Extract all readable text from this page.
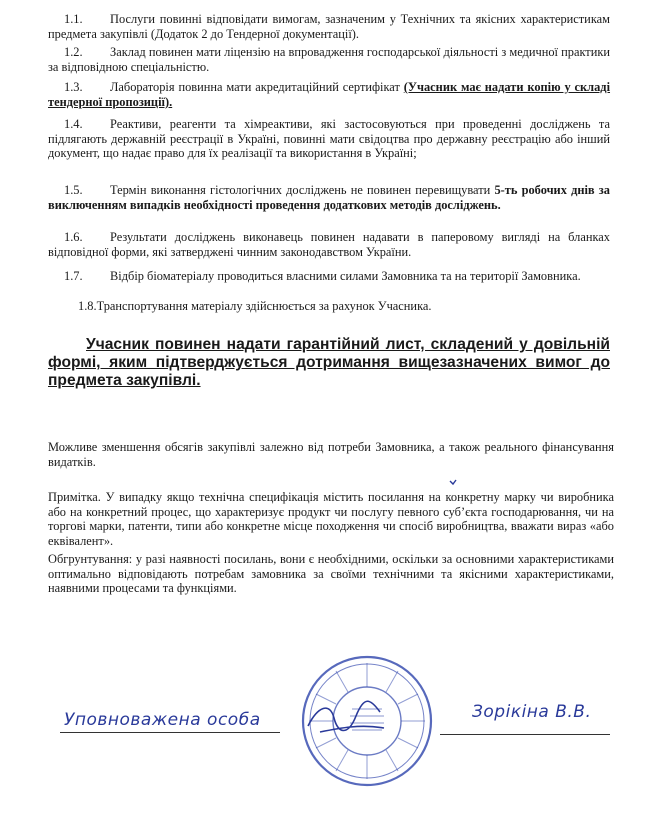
1.1. Послуги повинні відповідати вимогам, зазначеним у Технічних та якісних характеристикам предмета закупівлі (Додаток 2 до Тендерної документації).
1.2. Заклад повинен мати ліцензію на впровадження господарської діяльності з медичної практики за відповідною спеціальністю.
1.3. Лабораторія повинна мати акредитаційний сертифікат (Учасник має надати копію у складі тендерної пропозиції).
1.4. Реактиви, реагенти та хімреактиви, які застосовуються при проведенні досліджень та підлягають державній реєстрації в Україні, повинні мати свідоцтва про державну реєстрацію або інший документ, що надає право для їх реалізації та використання в Україні;
1.5. Термін виконання гістологічних досліджень не повинен перевищувати 5-ть робочих днів за виключенням випадків необхідності проведення додаткових методів досліджень.
1.6. Результати досліджень виконавець повинен надавати в паперовому вигляді на бланках відповідної форми, які затверджені чинним законодавством України.
1.7. Відбір біоматеріалу проводиться власними силами Замовника та на території Замовника.
1.8.Транспортування матеріалу здійснюється за рахунок Учасника.
Учасник повинен надати гарантійний лист, складений у довільній формі, яким підтверджується дотримання вищезазначених вимог до предмета закупівлі.
Можливе зменшення обсягів закупівлі залежно від потреби Замовника, а також реального фінансування видатків.
Примітка. У випадку якщо технічна специфікація містить посилання на конкретну марку чи виробника або на конкретний процес, що характеризує продукт чи послугу певного суб’єкта господарювання, чи на торгові марки, патенти, типи або конкретне місце походження чи спосіб виробництва, вважати вираз «або еквівалент».
Обгрунтування: у разі наявності посилань, вони є необхідними, оскільки за основними характеристиками оптимально відповідають потребам замовника за своїми технічними та якісними характеристиками, наявними процесами та функціями.
Уповноважена особа	Зорікіна В.В.
